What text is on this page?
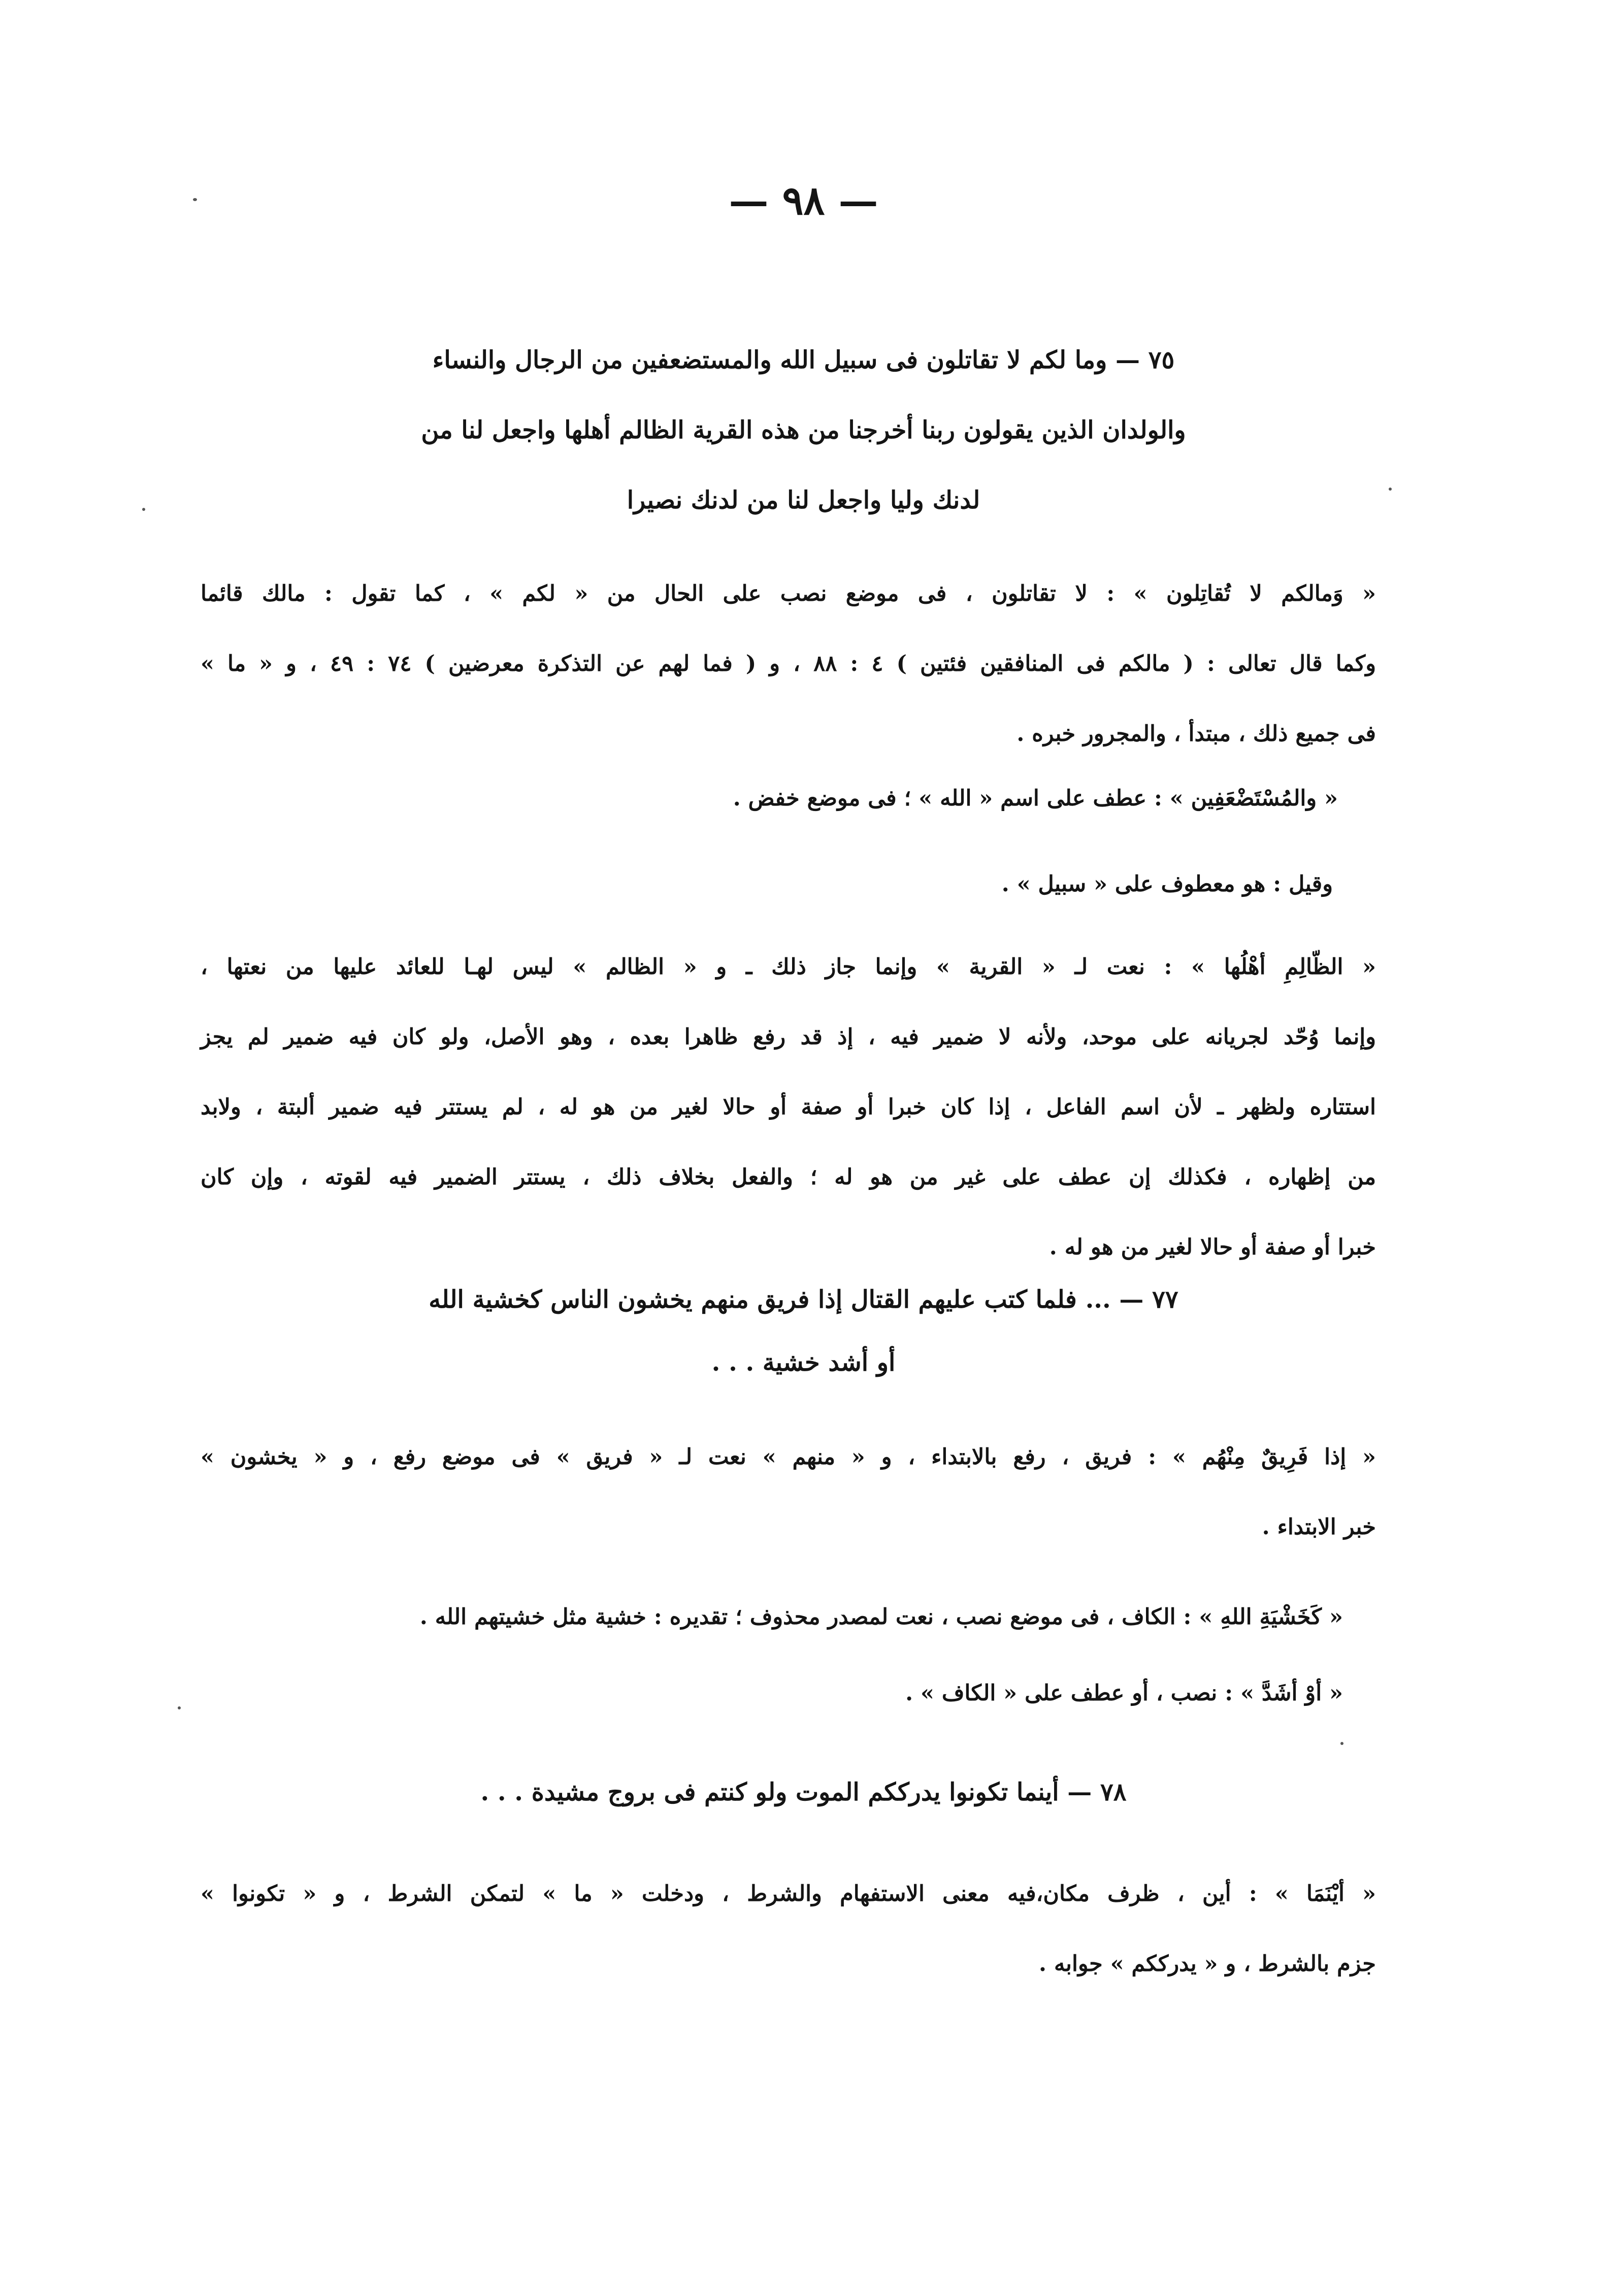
— ٩٨ —
٧٥ — وما لكم لا تقاتلون فى سبيل الله والمستضعفين من الرجال والنساء
والولدان الذين يقولون ربنا أخرجنا من هذه القرية الظالم أهلها واجعل لنا من
لدنك وليا واجعل لنا من لدنك نصيرا
« وَمالكم لا تُقاتِلون » : لا تقاتلون ، فى موضع نصب على الحال من « لكم » ، كما تقول : مالك قائما
وكما قال تعالى : ( مالكم فى المنافقين فئتين ) ٤ : ٨٨ ، و ( فما لهم عن التذكرة معرضين ) ٧٤ : ٤٩ ، و « ما »
فى جميع ذلك ، مبتدأ ، والمجرور خبره .
« والمُسْتَضْعَفِين » : عطف على اسم « الله » ؛ فى موضع خفض .
وقيل : هو معطوف على « سبيل » .
« الظّالِمِ أهْلُها » : نعت لـ « القرية » وإنما جاز ذلك ـ و « الظالم » ليس لهـا للعائد عليها من نعتها ،
وإنما وُحّد لجريانه على موحد، ولأنه لا ضمير فيه ، إذ قد رفع ظاهرا بعده ، وهو الأصل، ولو كان فيه ضمير لم يجز
استتاره ولظهر ـ لأن اسم الفاعل ، إذا كان خبرا أو صفة أو حالا لغير من هو له ، لم يستتر فيه ضمير ألبتة ، ولابد
من إظهاره ، فكذلك إن عطف على غير من هو له ؛ والفعل بخلاف ذلك ، يستتر الضمير فيه لقوته ، وإن كان
خبرا أو صفة أو حالا لغير من هو له .
٧٧ — ... فلما كتب عليهم القتال إذا فريق منهم يخشون الناس كخشية الله
أو أشد خشية . . .
« إذا فَرِيقٌ مِنْهُم » : فريق ، رفع بالابتداء ، و « منهم » نعت لـ « فريق » فى موضع رفع ، و « يخشون »
خبر الابتداء .
« كَخَشْيَةِ اللهِ » : الكاف ، فى موضع نصب ، نعت لمصدر محذوف ؛ تقديره : خشية مثل خشيتهم الله .
« أوْ أشَدَّ » : نصب ، أو عطف على « الكاف » .
٧٨ — أينما تكونوا يدرككم الموت ولو كنتم فى بروج مشيدة . . .
« أيْنَمَا » : أين ، ظرف مكان،فيه معنى الاستفهام والشرط ، ودخلت « ما » لتمكن الشرط ، و « تكونوا »
جزم بالشرط ، و « يدرككم » جوابه .
